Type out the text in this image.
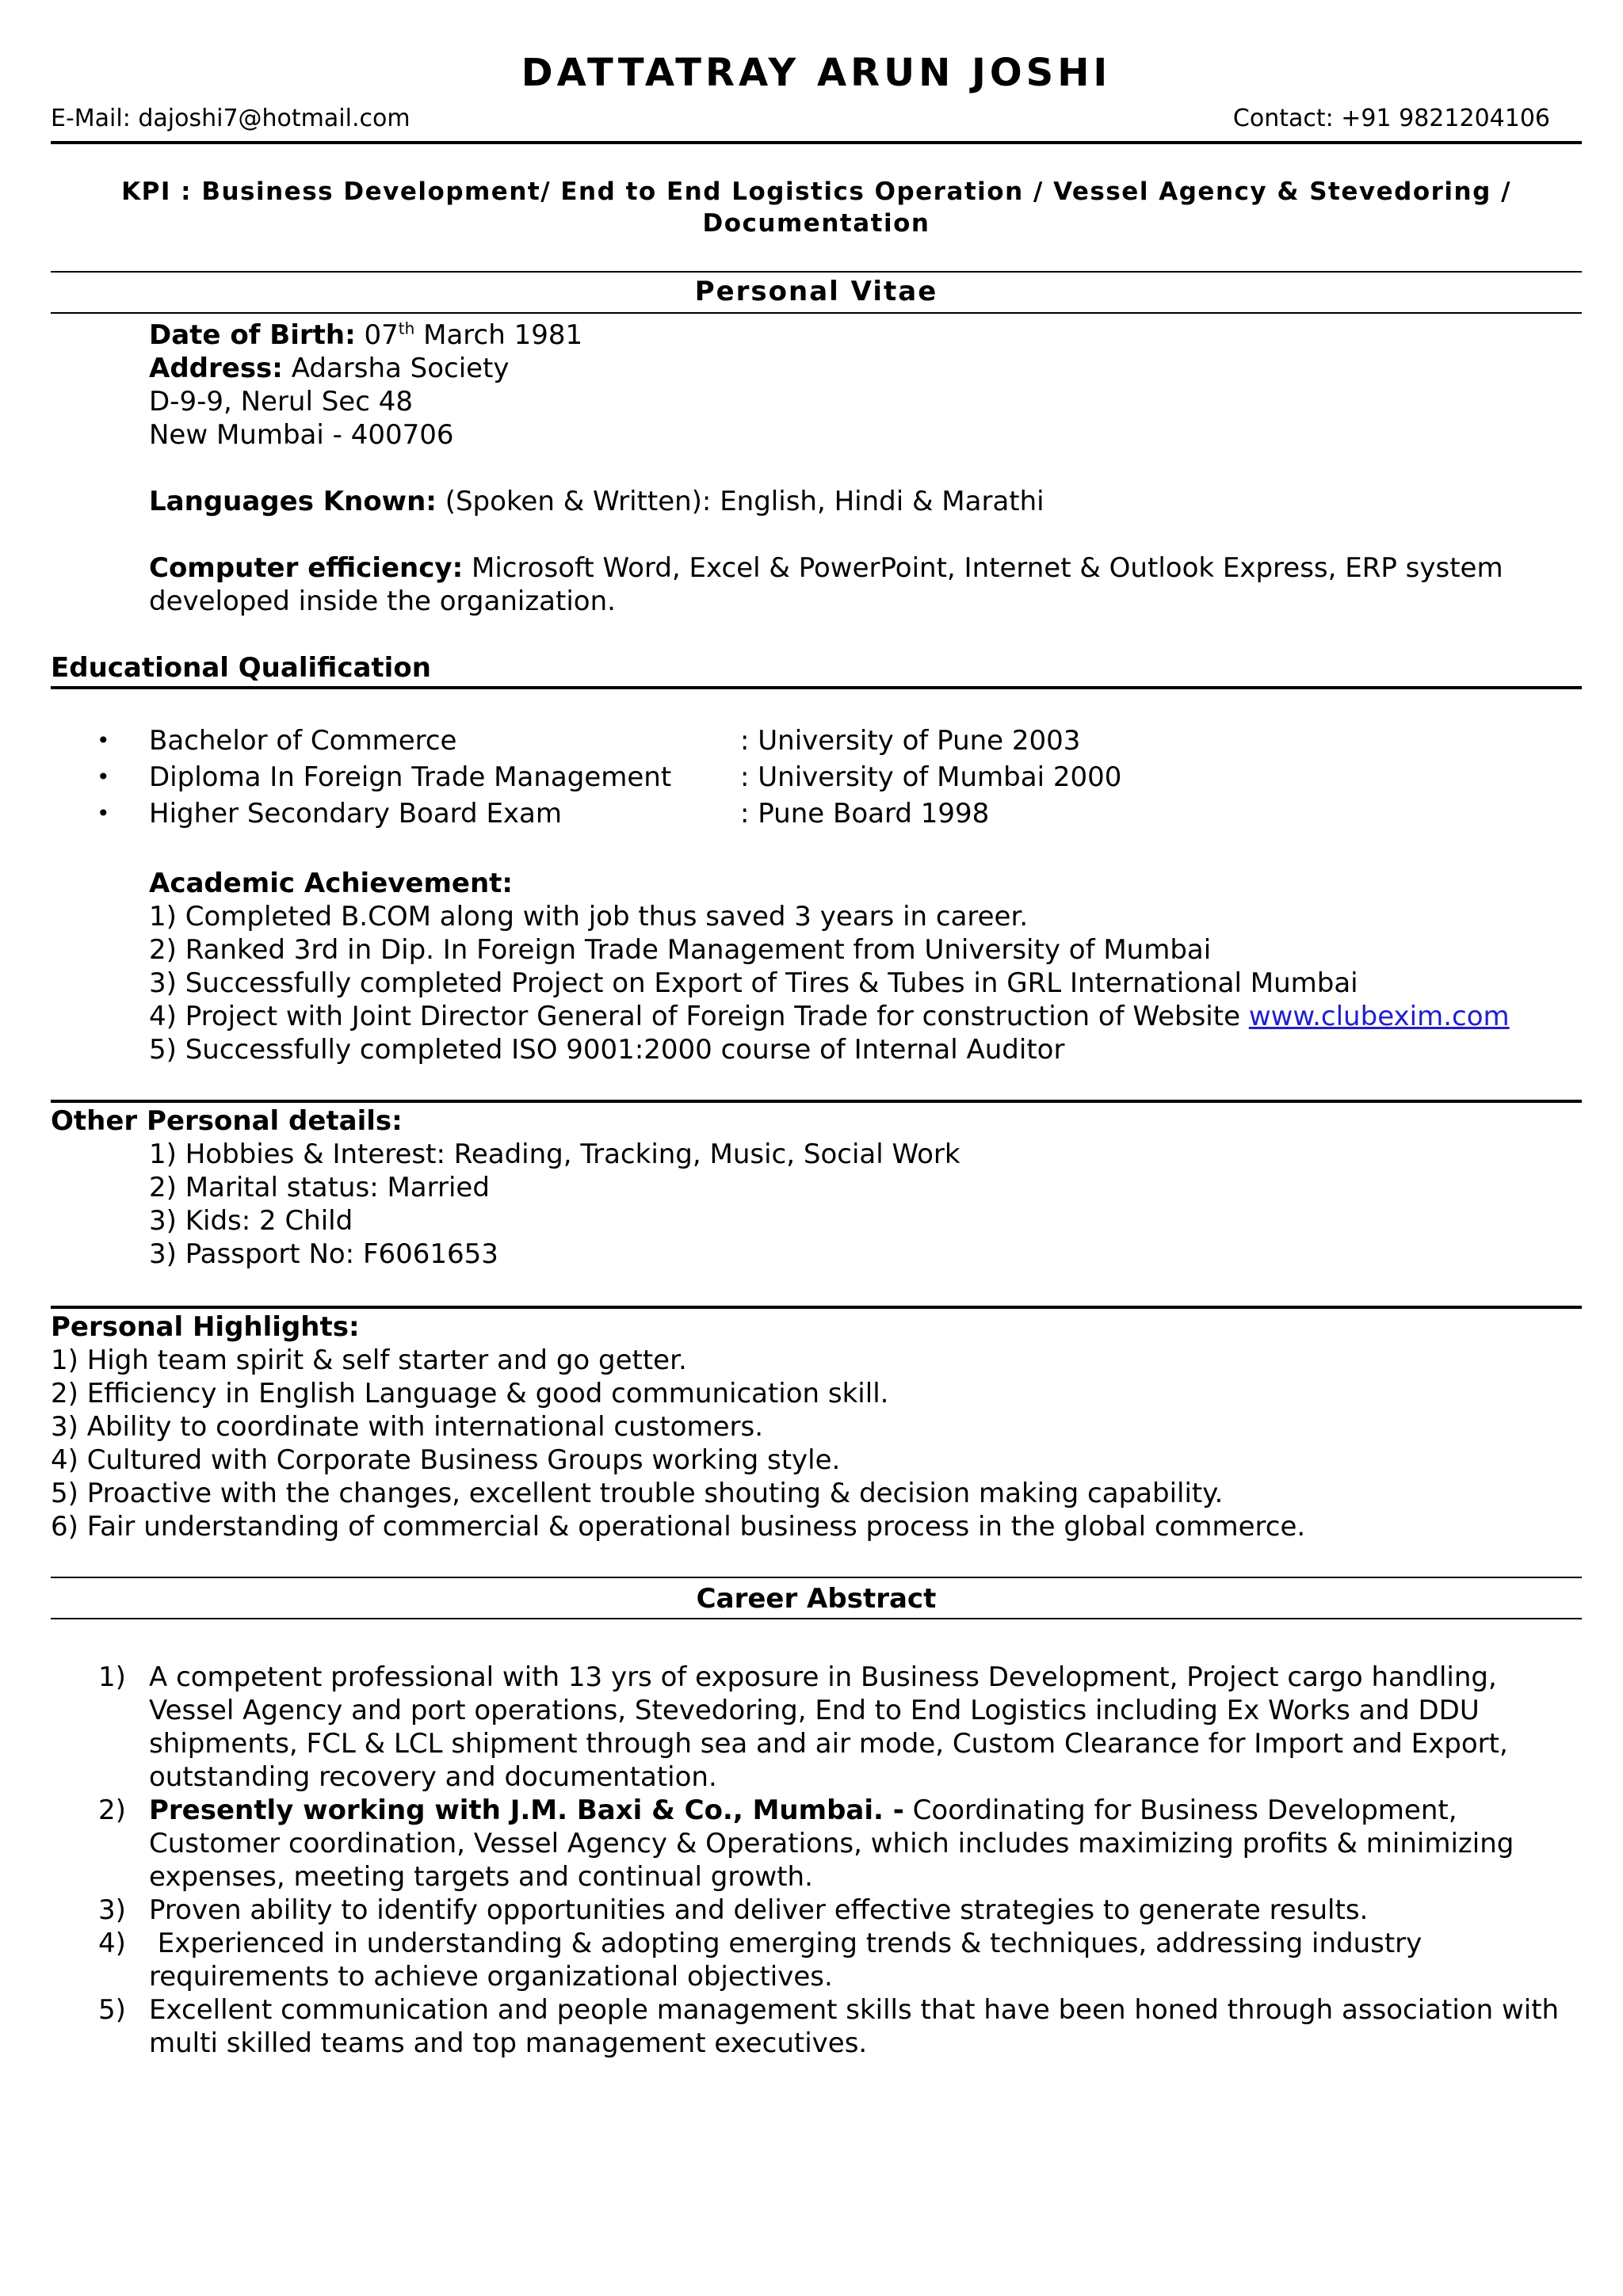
DATTATRAY ARUN JOSHI
E-Mail: dajoshi7@hotmail.com	Contact: +91 9821204106
KPI : Business Development/ End to End Logistics Operation / Vessel Agency & Stevedoring /
Documentation
Personal Vitae
Date of Birth: 07th March 1981
Address: Adarsha Society
D-9-9, Nerul Sec 48
New Mumbai - 400706
Languages Known: (Spoken & Written): English, Hindi & Marathi
Computer efficiency: Microsoft Word, Excel & PowerPoint, Internet & Outlook Express, ERP system
developed inside the organization.
Educational Qualification
• Bachelor of Commerce	: University of Pune 2003
• Diploma In Foreign Trade Management	: University of Mumbai 2000
• Higher Secondary Board Exam	: Pune Board 1998
Academic Achievement:
1) Completed B.COM along with job thus saved 3 years in career.
2) Ranked 3rd in Dip. In Foreign Trade Management from University of Mumbai
3) Successfully completed Project on Export of Tires & Tubes in GRL International Mumbai
4) Project with Joint Director General of Foreign Trade for construction of Website www.clubexim.com
5) Successfully completed ISO 9001:2000 course of Internal Auditor
Other Personal details:
1) Hobbies & Interest: Reading, Tracking, Music, Social Work
2) Marital status: Married
3) Kids: 2 Child
3) Passport No: F6061653
Personal Highlights:
1) High team spirit & self starter and go getter.
2) Efficiency in English Language & good communication skill.
3) Ability to coordinate with international customers.
4) Cultured with Corporate Business Groups working style.
5) Proactive with the changes, excellent trouble shouting & decision making capability.
6) Fair understanding of commercial & operational business process in the global commerce.
Career Abstract
1) A competent professional with 13 yrs of exposure in Business Development, Project cargo handling,
Vessel Agency and port operations, Stevedoring, End to End Logistics including Ex Works and DDU
shipments, FCL & LCL shipment through sea and air mode, Custom Clearance for Import and Export,
outstanding recovery and documentation.
2) Presently working with J.M. Baxi & Co., Mumbai. - Coordinating for Business Development,
Customer coordination, Vessel Agency & Operations, which includes maximizing profits & minimizing
expenses, meeting targets and continual growth.
3) Proven ability to identify opportunities and deliver effective strategies to generate results.
4) Experienced in understanding & adopting emerging trends & techniques, addressing industry
requirements to achieve organizational objectives.
5) Excellent communication and people management skills that have been honed through association with
multi skilled teams and top management executives.
